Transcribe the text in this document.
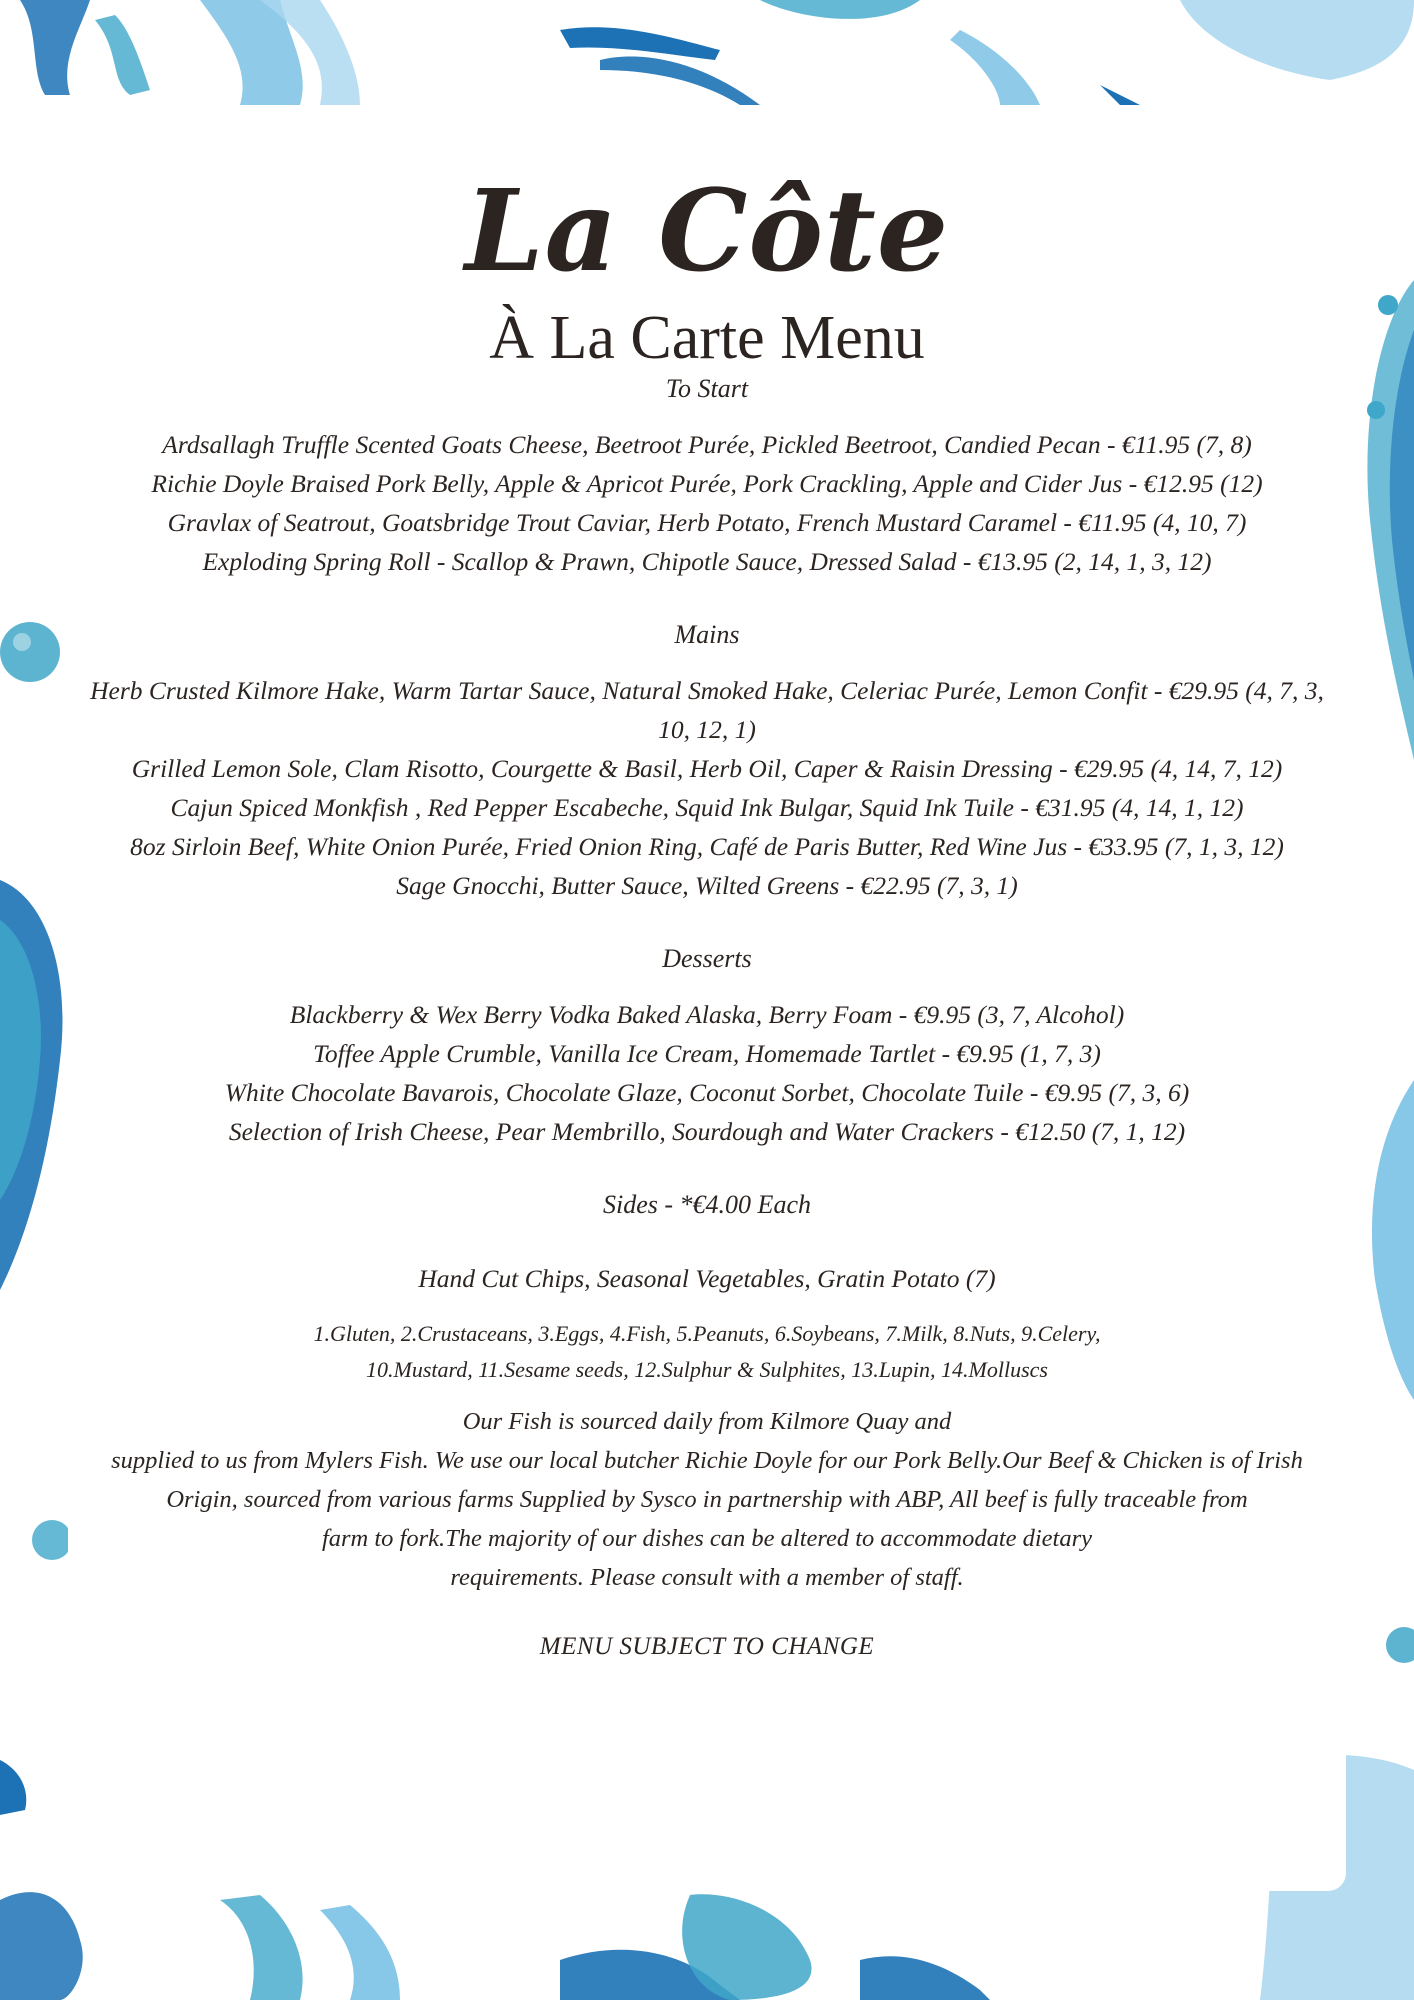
La Côte
À La Carte Menu
To Start
Ardsallagh Truffle Scented Goats Cheese, Beetroot Purée, Pickled Beetroot, Candied Pecan - €11.95 (7, 8)
Richie Doyle Braised Pork Belly, Apple & Apricot Purée, Pork Crackling, Apple and Cider Jus - €12.95 (12)
Gravlax of Seatrout, Goatsbridge Trout Caviar, Herb Potato, French Mustard Caramel - €11.95 (4, 10, 7)
Exploding Spring Roll - Scallop & Prawn, Chipotle Sauce, Dressed Salad - €13.95 (2, 14, 1, 3, 12)
Mains
Herb Crusted Kilmore Hake, Warm Tartar Sauce, Natural Smoked Hake, Celeriac Purée, Lemon Confit - €29.95 (4, 7, 3, 10, 12, 1)
Grilled Lemon Sole, Clam Risotto, Courgette & Basil, Herb Oil, Caper & Raisin Dressing - €29.95 (4, 14, 7, 12)
Cajun Spiced Monkfish , Red Pepper Escabeche, Squid Ink Bulgar, Squid Ink Tuile - €31.95 (4, 14, 1, 12)
8oz Sirloin Beef, White Onion Purée, Fried Onion Ring, Café de Paris Butter, Red Wine Jus - €33.95 (7, 1, 3, 12)
Sage Gnocchi, Butter Sauce, Wilted Greens - €22.95 (7, 3, 1)
Desserts
Blackberry & Wex Berry Vodka Baked Alaska, Berry Foam - €9.95 (3, 7, Alcohol)
Toffee Apple Crumble, Vanilla Ice Cream, Homemade Tartlet - €9.95 (1, 7, 3)
White Chocolate Bavarois, Chocolate Glaze, Coconut Sorbet, Chocolate Tuile - €9.95 (7, 3, 6)
Selection of Irish Cheese, Pear Membrillo, Sourdough and Water Crackers - €12.50 (7, 1, 12)
Sides - *€4.00 Each
Hand Cut Chips, Seasonal Vegetables, Gratin Potato (7)
1.Gluten, 2.Crustaceans, 3.Eggs, 4.Fish, 5.Peanuts, 6.Soybeans, 7.Milk, 8.Nuts, 9.Celery,
10.Mustard, 11.Sesame seeds, 12.Sulphur & Sulphites, 13.Lupin, 14.Molluscs
Our Fish is sourced daily from Kilmore Quay and
supplied to us from Mylers Fish. We use our local butcher Richie Doyle for our Pork Belly.Our Beef & Chicken is of Irish
Origin, sourced from various farms Supplied by Sysco in partnership with ABP, All beef is fully traceable from
farm to fork.The majority of our dishes can be altered to accommodate dietary
requirements. Please consult with a member of staff.
MENU SUBJECT TO CHANGE
